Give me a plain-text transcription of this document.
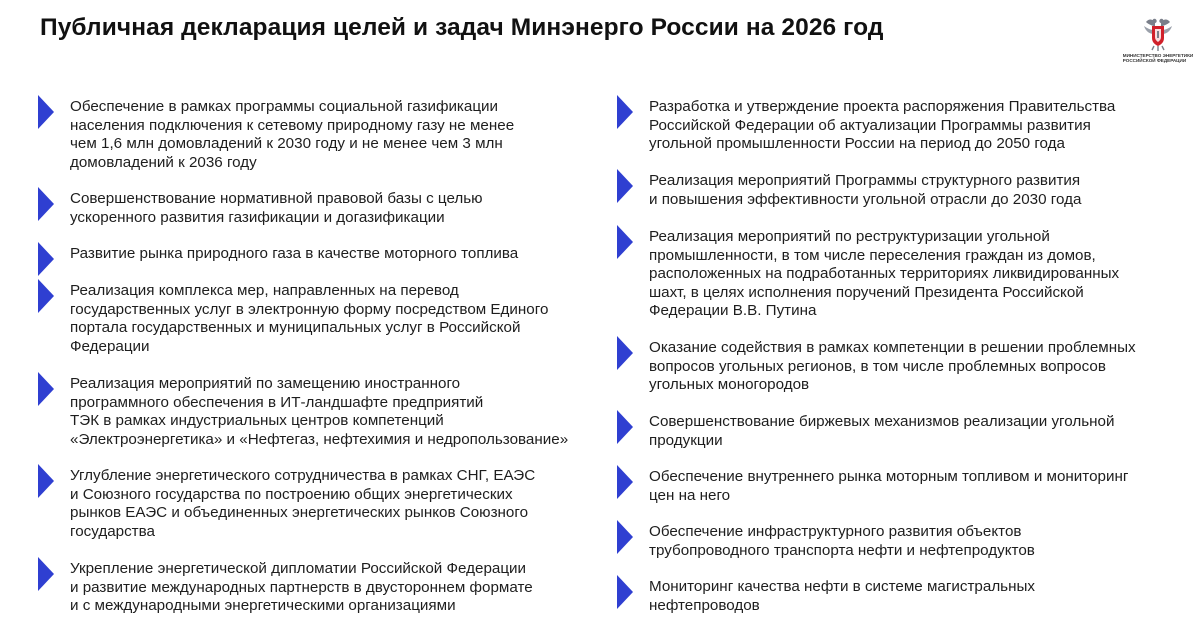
Публичная декларация целей и задач Минэнерго России на 2026 год
МИНИСТЕРСТВО ЭНЕРГЕТИКИ
РОССИЙСКОЙ ФЕДЕРАЦИИ
Обеспечение в рамках программы социальной газификации
населения подключения к сетевому природному газу не менее
чем 1,6 млн домовладений к 2030 году и не менее чем 3 млн
домовладений к 2036 году
Совершенствование нормативной правовой базы с целью
ускоренного развития газификации и догазификации
Развитие рынка природного газа в качестве моторного топлива
Реализация комплекса мер, направленных на перевод
государственных услуг в электронную форму посредством Единого
портала государственных и муниципальных услуг в Российской
Федерации
Реализация мероприятий по замещению иностранного
программного обеспечения в ИТ-ландшафте предприятий
ТЭК в рамках индустриальных центров компетенций
«Электроэнергетика» и «Нефтегаз, нефтехимия и недропользование»
Углубление энергетического сотрудничества в рамках СНГ, ЕАЭС
и Союзного государства по построению общих энергетических
рынков ЕАЭС и объединенных энергетических рынков Союзного
государства
Укрепление энергетической дипломатии Российской Федерации
и развитие международных партнерств в двустороннем формате
и с международными энергетическими организациями
Разработка и утверждение проекта распоряжения Правительства
Российской Федерации об актуализации Программы развития
угольной промышленности России на период до 2050 года
Реализация мероприятий Программы структурного развития
и повышения эффективности угольной отрасли до 2030 года
Реализация мероприятий по реструктуризации угольной
промышленности, в том числе переселения граждан из домов,
расположенных на подработанных территориях ликвидированных
шахт, в целях исполнения поручений Президента Российской
Федерации В.В. Путина
Оказание содействия в рамках компетенции в решении проблемных
вопросов угольных регионов, в том числе проблемных вопросов
угольных моногородов
Совершенствование биржевых механизмов реализации угольной
продукции
Обеспечение внутреннего рынка моторным топливом и мониторинг
цен на него
Обеспечение инфраструктурного развития объектов
трубопроводного транспорта нефти и нефтепродуктов
Мониторинг качества нефти в системе магистральных
нефтепроводов
